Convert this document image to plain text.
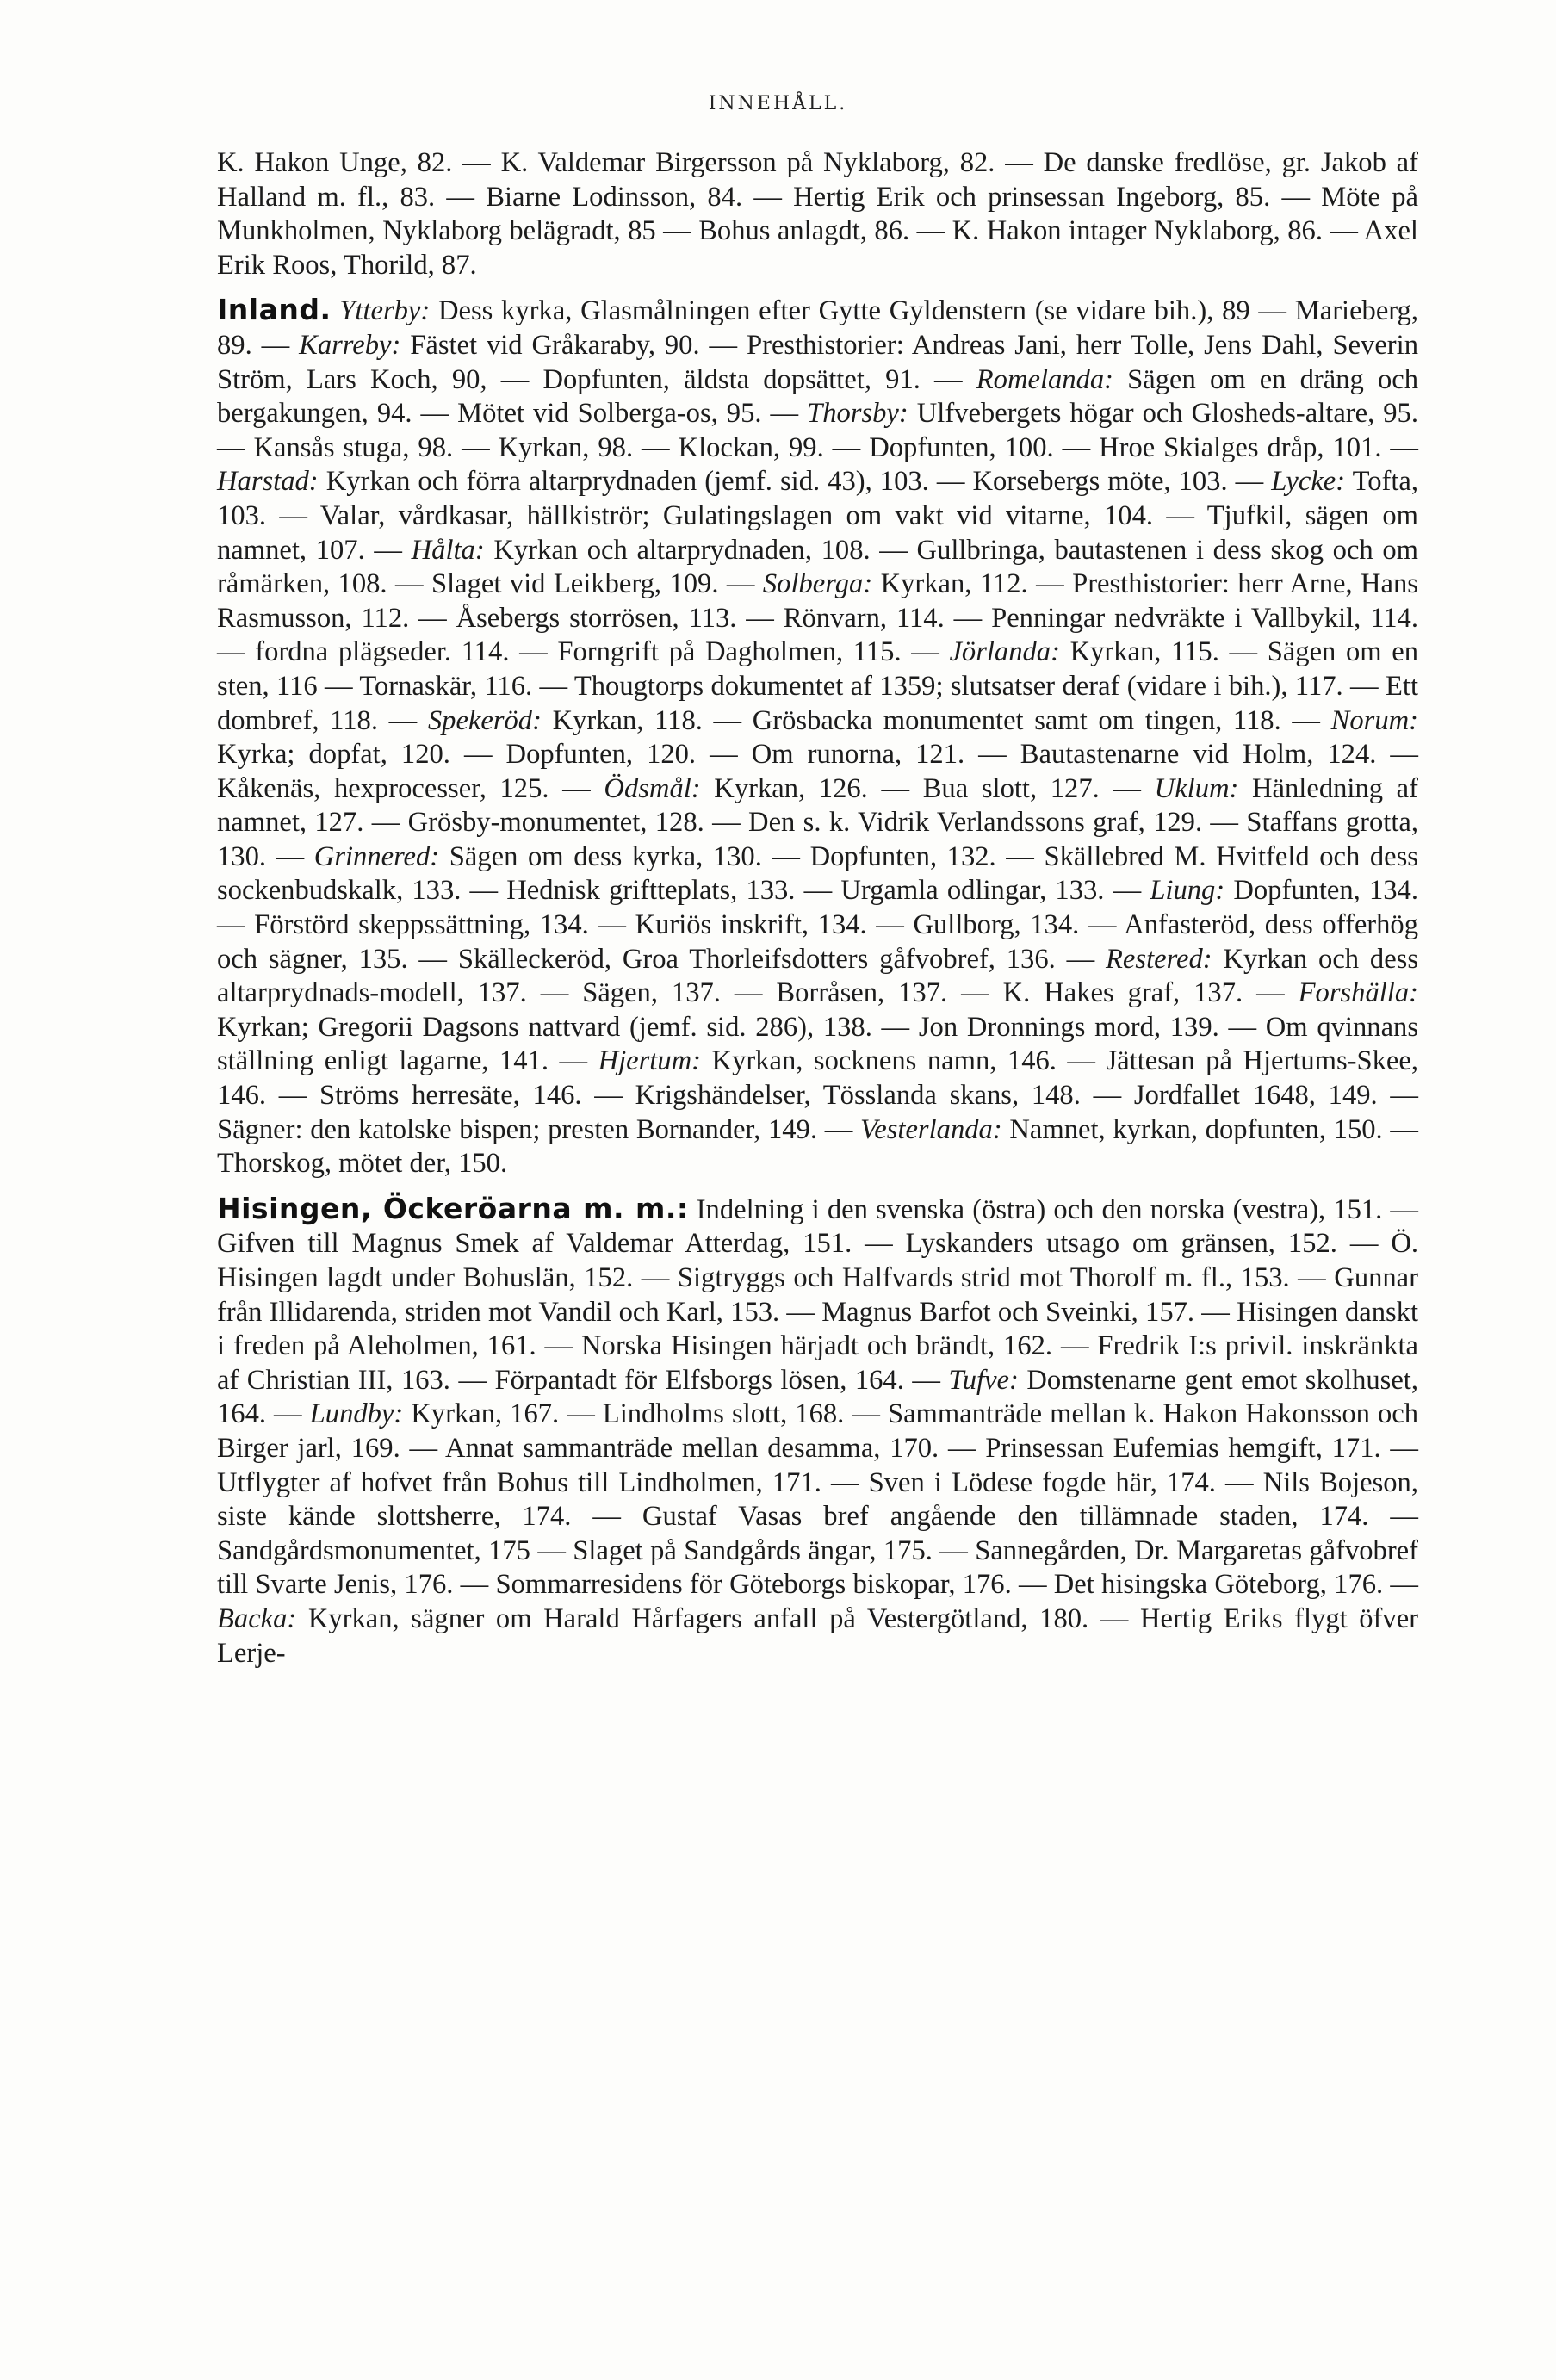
INNEHÅLL.

K. Hakon Unge, 82. — K. Valdemar Birgersson på Nyklaborg, 82. — De danske fredlöse, gr. Jakob af Halland m. fl., 83. — Biarne Lodinsson, 84. — Hertig Erik och prinsessan Ingeborg, 85. — Möte på Munkholmen, Nyklaborg belägradt, 85 — Bohus anlagdt, 86. — K. Hakon intager Nyklaborg, 86. — Axel Erik Roos, Thorild, 87.

Inland. Ytterby: Dess kyrka, Glasmålningen efter Gytte Gyldenstern (se vidare bih.), 89 — Marieberg, 89. — Karreby: Fästet vid Gråkaraby, 90. — Presthistorier: Andreas Jani, herr Tolle, Jens Dahl, Severin Ström, Lars Koch, 90, — Dopfunten, äldsta dopsättet, 91. — Romelanda: Sägen om en dräng och bergakungen, 94. — Mötet vid Solberga-os, 95. — Thorsby: Ulfvebergets högar och Glosheds-altare, 95. — Kansås stuga, 98. — Kyrkan, 98. — Klockan, 99. — Dopfunten, 100. — Hroe Skialges dråp, 101. — Harstad: Kyrkan och förra altarprydnaden (jemf. sid. 43), 103. — Korsebergs möte, 103. — Lycke: Tofta, 103. — Valar, vårdkasar, hällkiströr; Gulatingslagen om vakt vid vitarne, 104. — Tjufkil, sägen om namnet, 107. — Hålta: Kyrkan och altarprydnaden, 108. — Gullbringa, bautastenen i dess skog och om råmärken, 108. — Slaget vid Leikberg, 109. — Solberga: Kyrkan, 112. — Presthistorier: herr Arne, Hans Rasmusson, 112. — Åsebergs storrösen, 113. — Rönvarn, 114. — Penningar nedvräkte i Vallbykil, 114. — fordna plägseder. 114. — Forngrift på Dagholmen, 115. — Jörlanda: Kyrkan, 115. — Sägen om en sten, 116 — Tornaskär, 116. — Thougtorps dokumentet af 1359; slutsatser deraf (vidare i bih.), 117. — Ett dombref, 118. — Spekeröd: Kyrkan, 118. — Grösbacka monumentet samt om tingen, 118. — Norum: Kyrka; dopfat, 120. — Dopfunten, 120. — Om runorna, 121. — Bautastenarne vid Holm, 124. — Kåkenäs, hexprocesser, 125. — Ödsmål: Kyrkan, 126. — Bua slott, 127. — Uklum: Hänledning af namnet, 127. — Grösby-monumentet, 128. — Den s. k. Vidrik Verlandssons graf, 129. — Staffans grotta, 130. — Grinnered: Sägen om dess kyrka, 130. — Dopfunten, 132. — Skällebred M. Hvitfeld och dess sockenbudskalk, 133. — Hednisk griftteplats, 133. — Urgamla odlingar, 133. — Liung: Dopfunten, 134. — Förstörd skeppssättning, 134. — Kuriös inskrift, 134. — Gullborg, 134. — Anfasteröd, dess offerhög och sägner, 135. — Skälleckeröd, Groa Thorleifsdotters gåfvobref, 136. — Restered: Kyrkan och dess altarprydnads-modell, 137. — Sägen, 137. — Borråsen, 137. — K. Hakes graf, 137. — Forshälla: Kyrkan; Gregorii Dagsons nattvard (jemf. sid. 286), 138. — Jon Dronnings mord, 139. — Om qvinnans ställning enligt lagarne, 141. — Hjertum: Kyrkan, socknens namn, 146. — Jättesan på Hjertums-Skee, 146. — Ströms herresäte, 146. — Krigshändelser, Tösslanda skans, 148. — Jordfallet 1648, 149. — Sägner: den katolske bispen; presten Bornander, 149. — Vesterlanda: Namnet, kyrkan, dopfunten, 150. — Thorskog, mötet der, 150.

Hisingen, Öckeröarna m. m.: Indelning i den svenska (östra) och den norska (vestra), 151. — Gifven till Magnus Smek af Valdemar Atterdag, 151. — Lyskanders utsago om gränsen, 152. — Ö. Hisingen lagdt under Bohuslän, 152. — Sigtryggs och Halfvards strid mot Thorolf m. fl., 153. — Gunnar från Illidarenda, striden mot Vandil och Karl, 153. — Magnus Barfot och Sveinki, 157. — Hisingen danskt i freden på Aleholmen, 161. — Norska Hisingen härjadt och brändt, 162. — Fredrik I:s privil. inskränkta af Christian III, 163. — Förpantadt för Elfsborgs lösen, 164. — Tufve: Domstenarne gent emot skolhuset, 164. — Lundby: Kyrkan, 167. — Lindholms slott, 168. — Sammanträde mellan k. Hakon Hakonsson och Birger jarl, 169. — Annat sammanträde mellan desamma, 170. — Prinsessan Eufemias hemgift, 171. — Utflygter af hofvet från Bohus till Lindholmen, 171. — Sven i Lödese fogde här, 174. — Nils Bojeson, siste kände slottsherre, 174. — Gustaf Vasas bref angående den tillämnade staden, 174. — Sandgårdsmonumentet, 175 — Slaget på Sandgårds ängar, 175. — Sannegården, Dr. Margaretas gåfvobref till Svarte Jenis, 176. — Sommarresidens för Göteborgs biskopar, 176. — Det hisingska Göteborg, 176. — Backa: Kyrkan, sägner om Harald Hårfagers anfall på Vestergötland, 180. — Hertig Eriks flygt öfver Lerje-
